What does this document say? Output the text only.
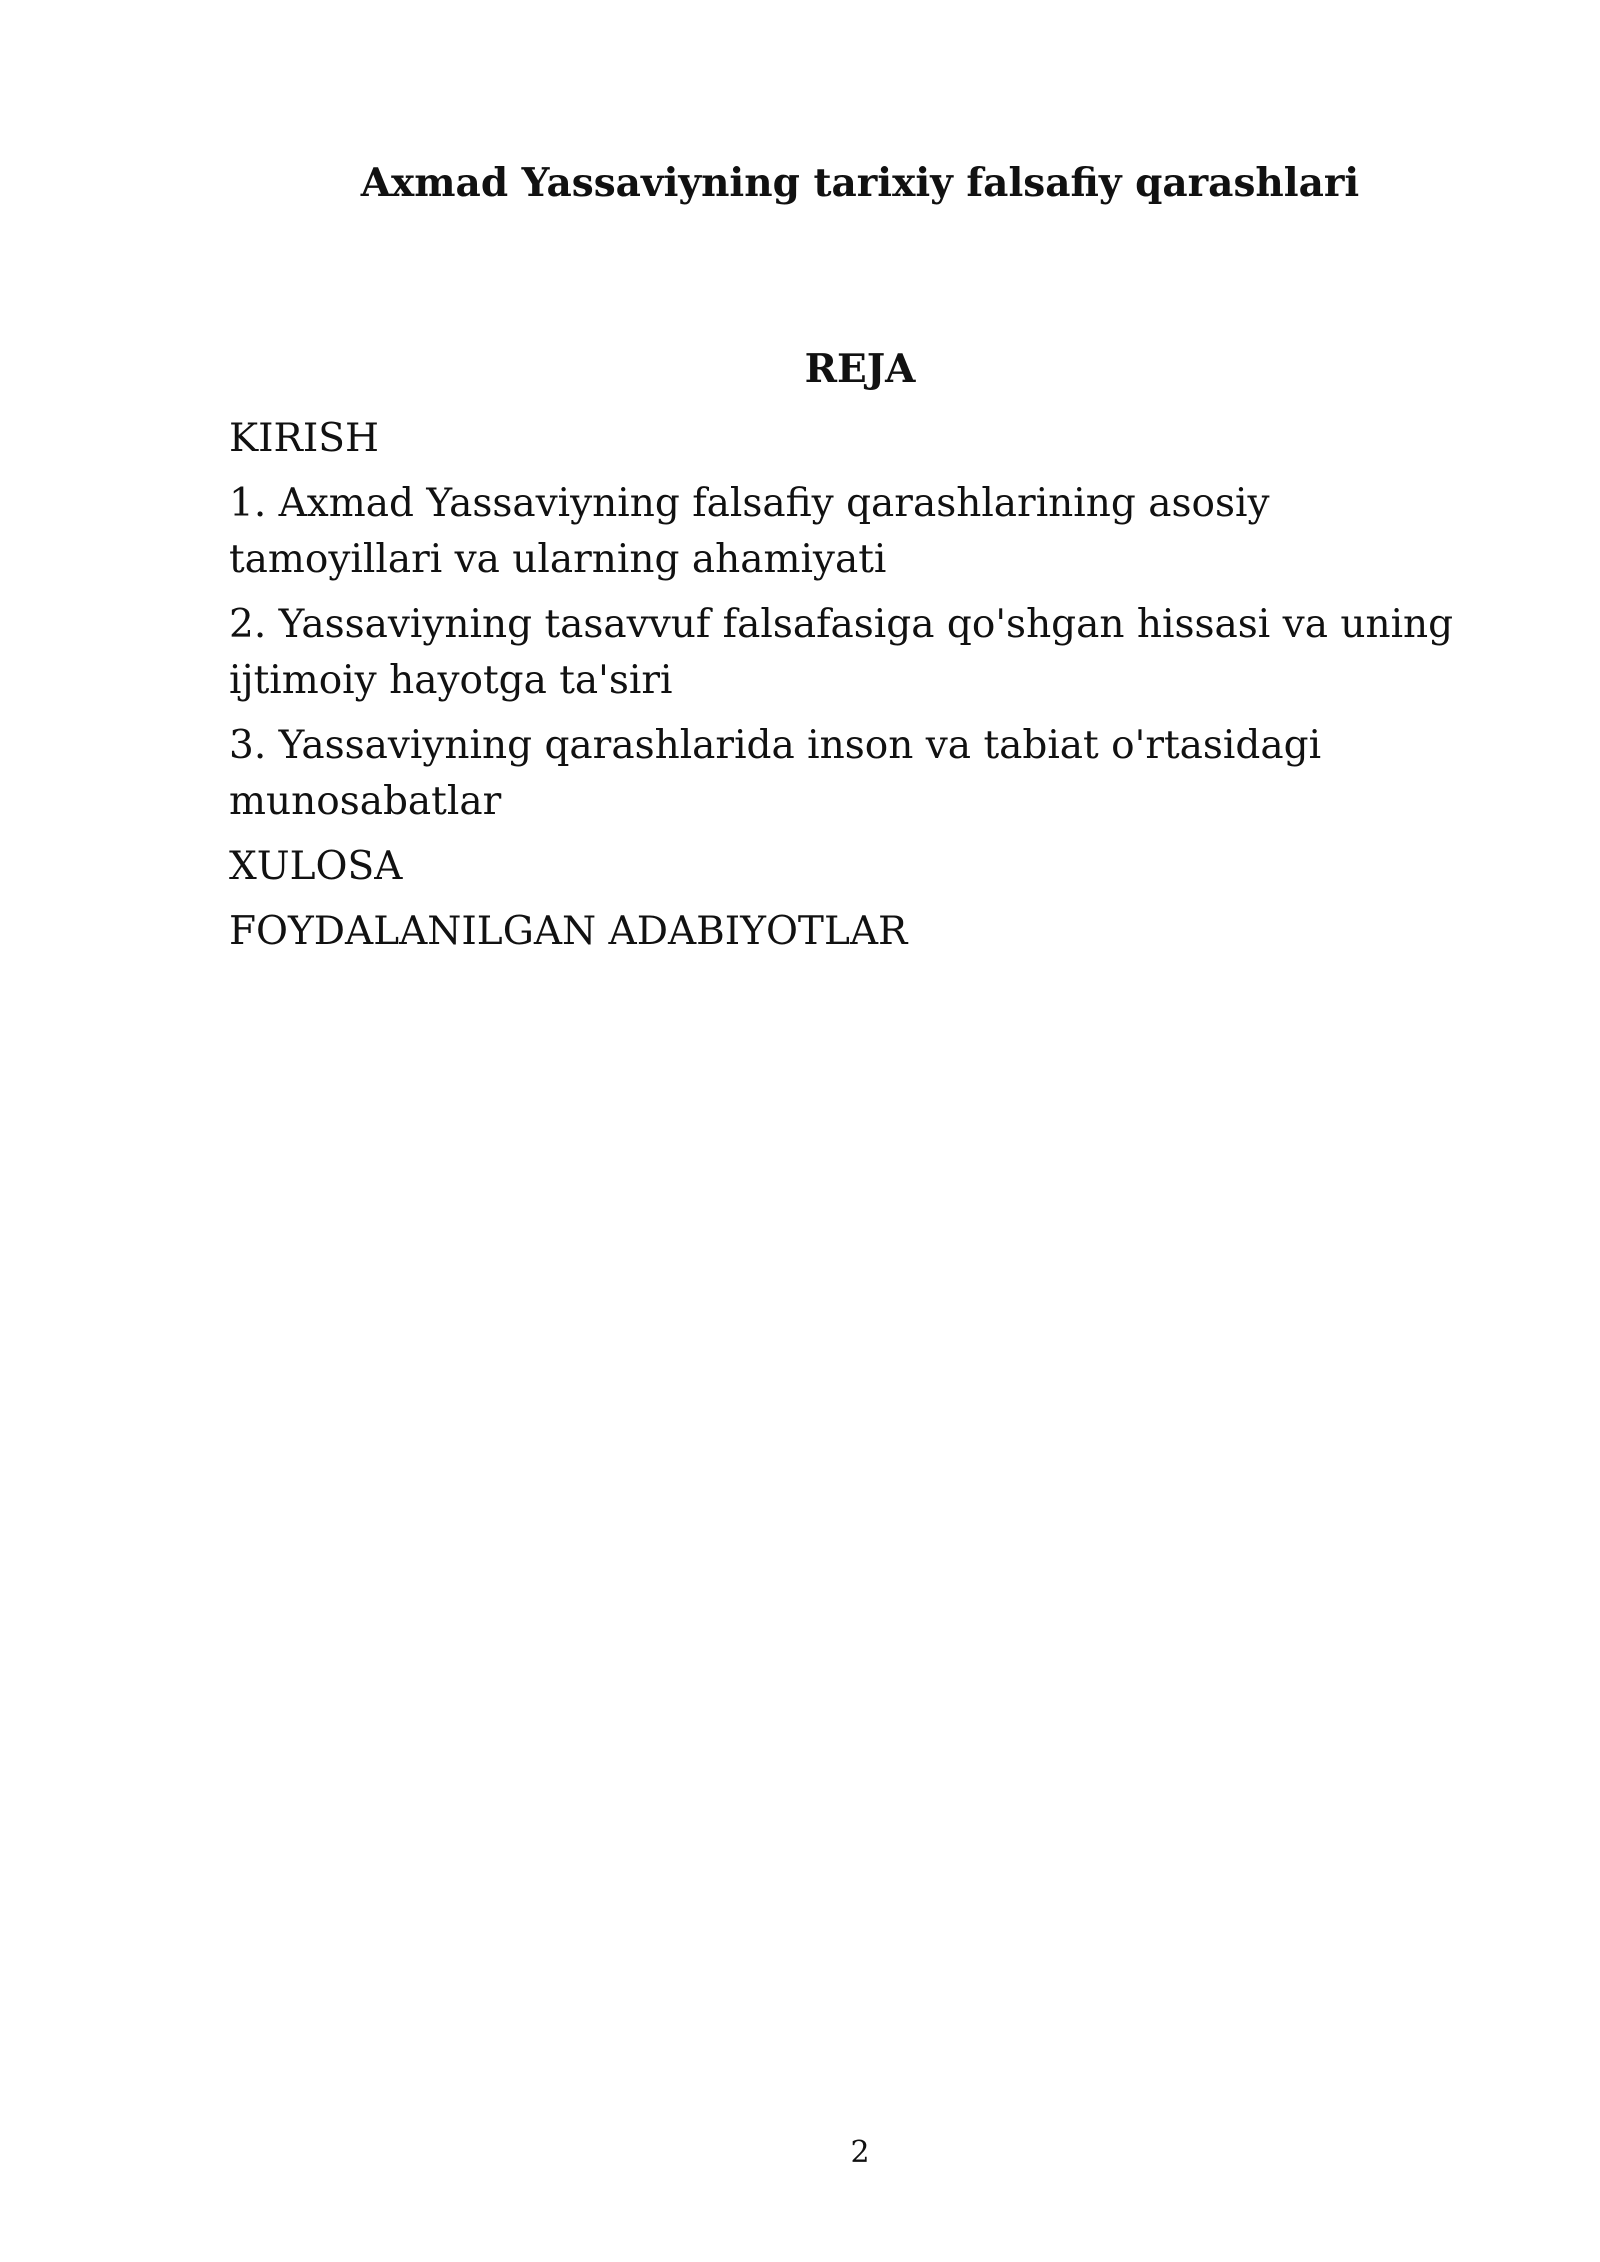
Axmad Yassaviyning tarixiy falsafiy qarashlari
REJA
KIRISH
1. Axmad Yassaviyning falsafiy qarashlarining asosiy tamoyillari va ularning ahamiyati
2. Yassaviyning tasavvuf falsafasiga qo'shgan hissasi va uning ijtimoiy hayotga ta'siri
3. Yassaviyning qarashlarida inson va tabiat o'rtasidagi munosabatlar
XULOSA
FOYDALANILGAN ADABIYOTLAR
2
